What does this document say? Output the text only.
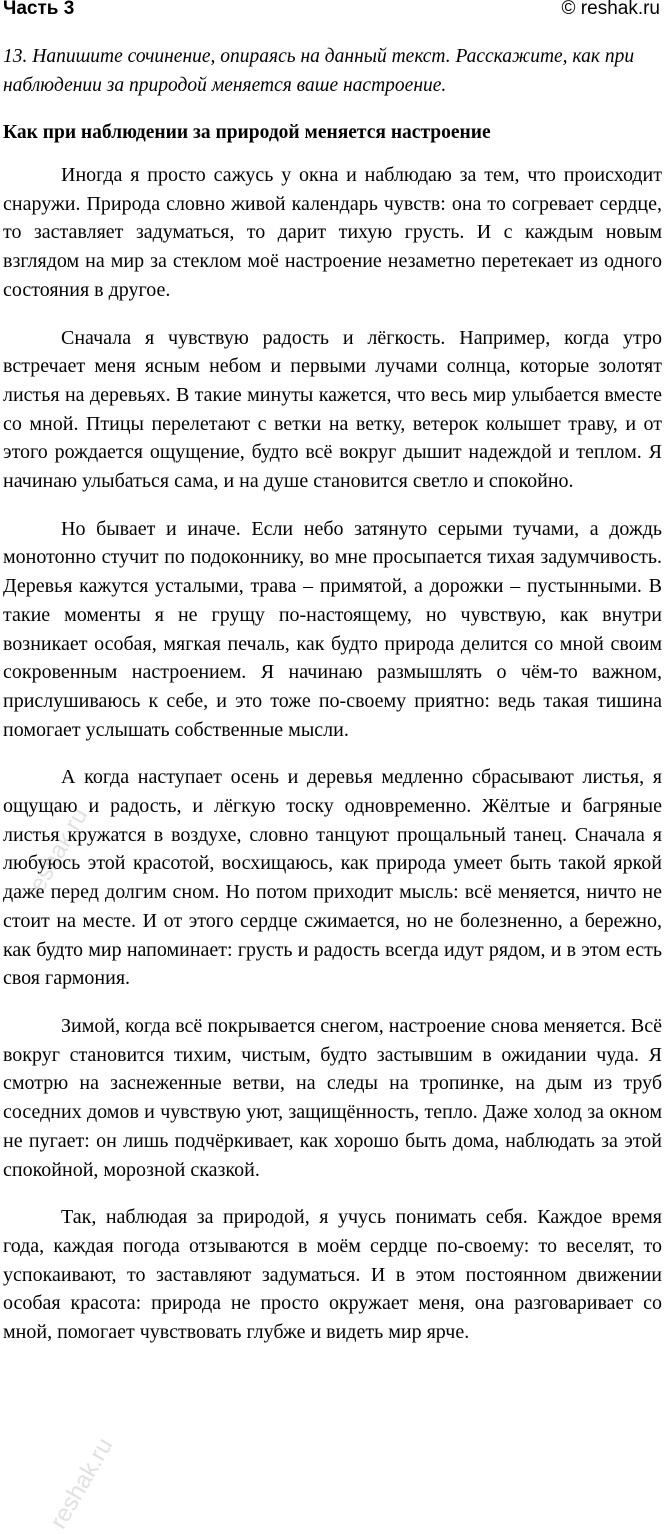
Часть 3	© reshak.ru

13. Напишите сочинение, опираясь на данный текст. Расскажите, как при наблюдении за природой меняется ваше настроение.

Как при наблюдении за природой меняется настроение

Иногда я просто сажусь у окна и наблюдаю за тем, что происходит снаружи. Природа словно живой календарь чувств: она то согревает сердце, то заставляет задуматься, то дарит тихую грусть. И с каждым новым взглядом на мир за стеклом моё настроение незаметно перетекает из одного состояния в другое.

Сначала я чувствую радость и лёгкость. Например, когда утро встречает меня ясным небом и первыми лучами солнца, которые золотят листья на деревьях. В такие минуты кажется, что весь мир улыбается вместе со мной. Птицы перелетают с ветки на ветку, ветерок колышет траву, и от этого рождается ощущение, будто всё вокруг дышит надеждой и теплом. Я начинаю улыбаться сама, и на душе становится светло и спокойно.

Но бывает и иначе. Если небо затянуто серыми тучами, а дождь монотонно стучит по подоконнику, во мне просыпается тихая задумчивость. Деревья кажутся усталыми, трава – примятой, а дорожки – пустынными. В такие моменты я не грущу по-настоящему, но чувствую, как внутри возникает особая, мягкая печаль, как будто природа делится со мной своим сокровенным настроением. Я начинаю размышлять о чём-то важном, прислушиваюсь к себе, и это тоже по-своему приятно: ведь такая тишина помогает услышать собственные мысли.

А когда наступает осень и деревья медленно сбрасывают листья, я ощущаю и радость, и лёгкую тоску одновременно. Жёлтые и багряные листья кружатся в воздухе, словно танцуют прощальный танец. Сначала я любуюсь этой красотой, восхищаюсь, как природа умеет быть такой яркой даже перед долгим сном. Но потом приходит мысль: всё меняется, ничто не стоит на месте. И от этого сердце сжимается, но не болезненно, а бережно, как будто мир напоминает: грусть и радость всегда идут рядом, и в этом есть своя гармония.

Зимой, когда всё покрывается снегом, настроение снова меняется. Всё вокруг становится тихим, чистым, будто застывшим в ожидании чуда. Я смотрю на заснеженные ветви, на следы на тропинке, на дым из труб соседних домов и чувствую уют, защищённость, тепло. Даже холод за окном не пугает: он лишь подчёркивает, как хорошо быть дома, наблюдать за этой спокойной, морозной сказкой.

Так, наблюдая за природой, я учусь понимать себя. Каждое время года, каждая погода отзываются в моём сердце по-своему: то веселят, то успокаивают, то заставляют задуматься. И в этом постоянном движении особая красота: природа не просто окружает меня, она разговаривает со мной, помогает чувствовать глубже и видеть мир ярче.

reshak.ru
reshak.ru
